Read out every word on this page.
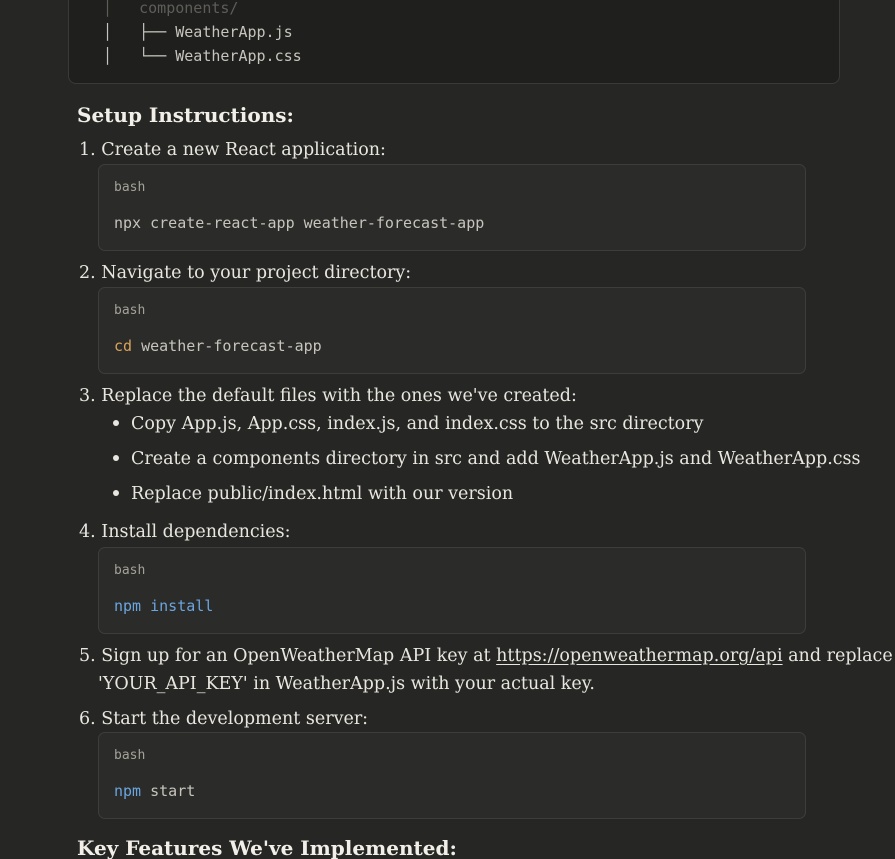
│   components/
│   ├── WeatherApp.js
│   └── WeatherApp.css
Setup Instructions:
1. Create a new React application:
bash
npx create-react-app weather-forecast-app
2. Navigate to your project directory:
bash
cd weather-forecast-app
3. Replace the default files with the ones we've created:
Copy App.js, App.css, index.js, and index.css to the src directory
Create a components directory in src and add WeatherApp.js and WeatherApp.css
Replace public/index.html with our version
4. Install dependencies:
bash
npm install
5. Sign up for an OpenWeatherMap API key at https://openweathermap.org/api and replace
'YOUR_API_KEY' in WeatherApp.js with your actual key.
6. Start the development server:
bash
npm start
Key Features We've Implemented:
